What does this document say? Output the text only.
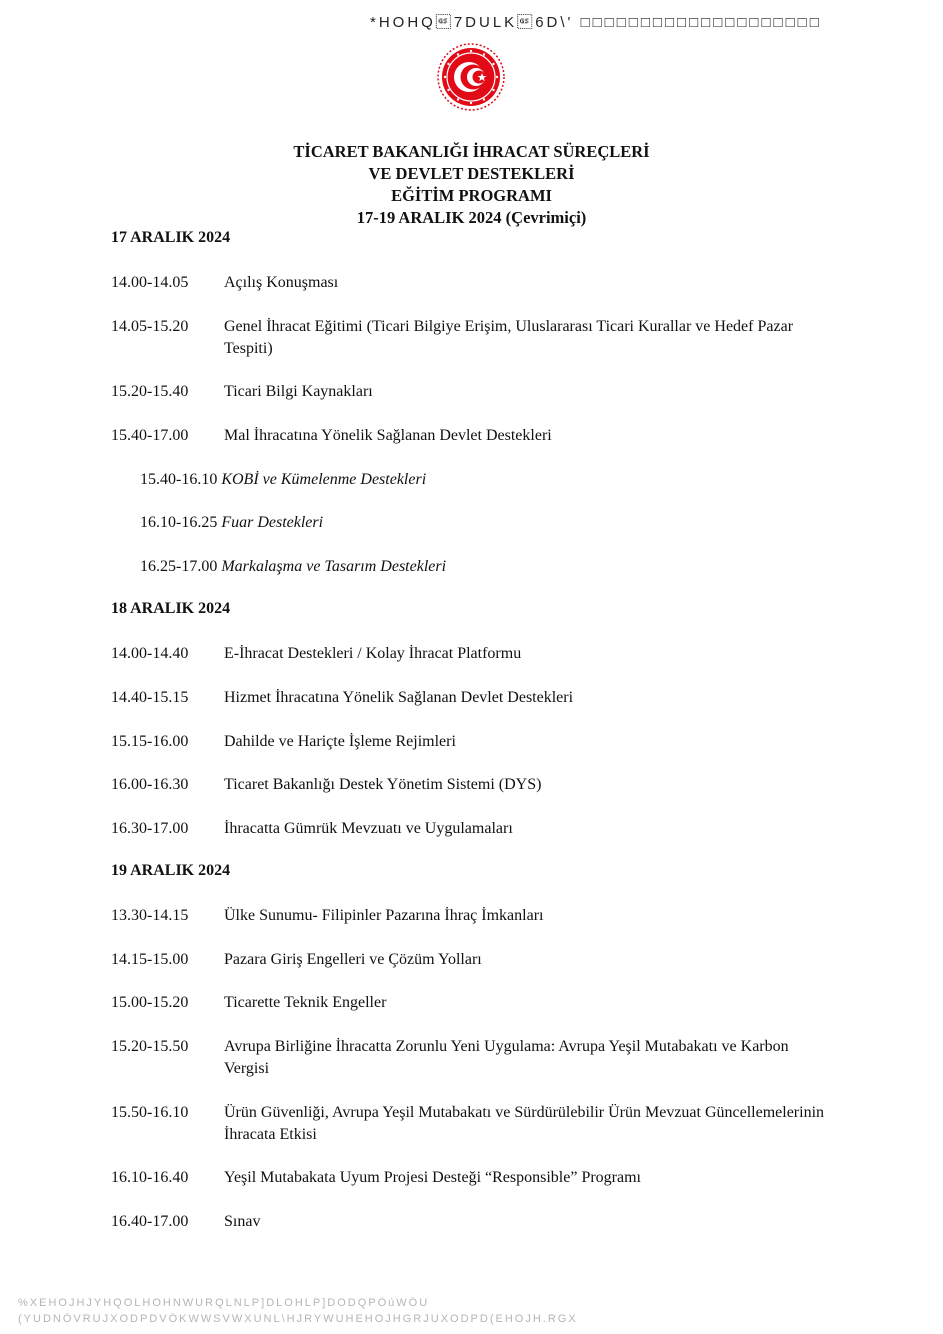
*HOHQ7DULK6D\' □□□□□□□□□□□□□□□□□□□□
TİCARET BAKANLIĞI İHRACAT SÜREÇLERİ
VE DEVLET DESTEKLERİ
EĞİTİM PROGRAMI
17-19 ARALIK 2024 (Çevrimiçi)
17 ARALIK 2024
14.00-14.05	Açılış Konuşması
14.05-15.20	Genel İhracat Eğitimi (Ticari Bilgiye Erişim, Uluslararası Ticari Kurallar ve Hedef Pazar Tespiti)
15.20-15.40	Ticari Bilgi Kaynakları
15.40-17.00	Mal İhracatına Yönelik Sağlanan Devlet Destekleri
15.40-16.10 KOBİ ve Kümelenme Destekleri
16.10-16.25 Fuar Destekleri
16.25-17.00 Markalaşma ve Tasarım Destekleri
18 ARALIK 2024
14.00-14.40	E-İhracat Destekleri / Kolay İhracat Platformu
14.40-15.15	Hizmet İhracatına Yönelik Sağlanan Devlet Destekleri
15.15-16.00	Dahilde ve Hariçte İşleme Rejimleri
16.00-16.30	Ticaret Bakanlığı Destek Yönetim Sistemi (DYS)
16.30-17.00	İhracatta Gümrük Mevzuatı ve Uygulamaları
19 ARALIK 2024
13.30-14.15	Ülke Sunumu- Filipinler Pazarına İhraç İmkanları
14.15-15.00	Pazara Giriş Engelleri ve Çözüm Yolları
15.00-15.20	Ticarette Teknik Engeller
15.20-15.50	Avrupa Birliğine İhracatta Zorunlu Yeni Uygulama: Avrupa Yeşil Mutabakatı ve Karbon Vergisi
15.50-16.10	Ürün Güvenliği, Avrupa Yeşil Mutabakatı ve Sürdürülebilir Ürün Mevzuat Güncellemelerinin İhracata Etkisi
16.10-16.40	Yeşil Mutabakata Uyum Projesi Desteği “Responsible” Programı
16.40-17.00	Sınav
%XEHOJHJYHQOLHOHNWURQLNLP]DLOHLP]DODQPÕúWÕU
(YUDNÕVRUJXODPDVÕKWWSVWXUNL\HJRYWUHEHOJHGRJUXODPD(EHOJH.RGX
